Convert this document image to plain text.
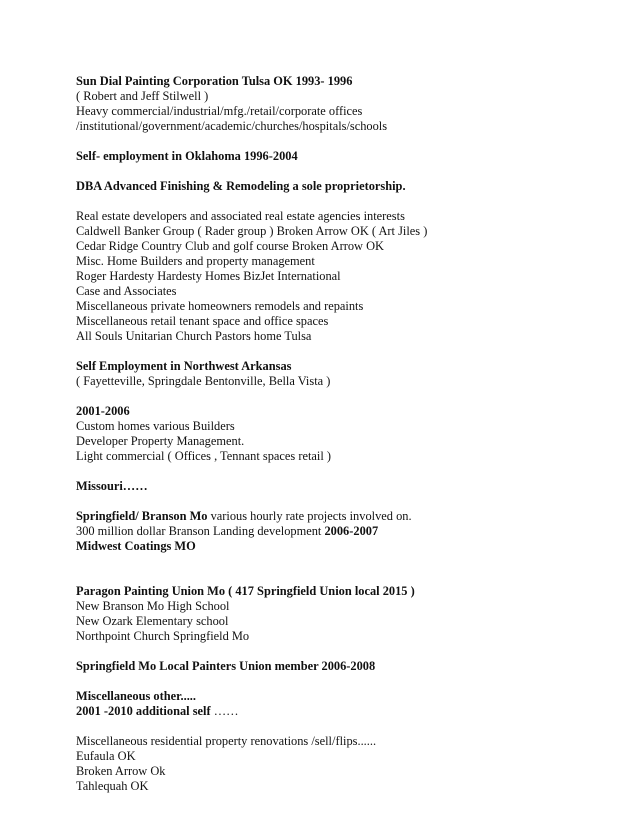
Sun Dial Painting Corporation Tulsa OK 1993- 1996
( Robert and Jeff Stilwell )
Heavy commercial/industrial/mfg./retail/corporate offices
/institutional/government/academic/churches/hospitals/schools
Self- employment in Oklahoma 1996-2004
DBA Advanced Finishing & Remodeling a sole proprietorship.
Real estate developers and associated real estate agencies interests
Caldwell Banker Group ( Rader group ) Broken Arrow OK ( Art Jiles )
Cedar Ridge Country Club and golf course Broken Arrow OK
Misc. Home Builders and property management
Roger Hardesty Hardesty Homes BizJet International
Case and Associates
Miscellaneous private homeowners remodels and repaints
Miscellaneous retail tenant space and office spaces
All Souls Unitarian Church Pastors home Tulsa
Self Employment in Northwest Arkansas
( Fayetteville, Springdale Bentonville, Bella Vista )
2001-2006
Custom homes various Builders
Developer Property Management.
Light commercial ( Offices , Tennant spaces retail )
Missouri……
Springfield/ Branson Mo various hourly rate projects involved on.
300 million dollar Branson Landing development 2006-2007
Midwest Coatings MO
Paragon Painting Union Mo ( 417 Springfield Union local 2015 )
New Branson Mo High School
New Ozark Elementary school
Northpoint Church Springfield Mo
Springfield Mo Local Painters Union member 2006-2008
Miscellaneous other.....
2001 -2010 additional self ……
Miscellaneous residential property renovations /sell/flips......
Eufaula OK
Broken Arrow Ok
Tahlequah OK
